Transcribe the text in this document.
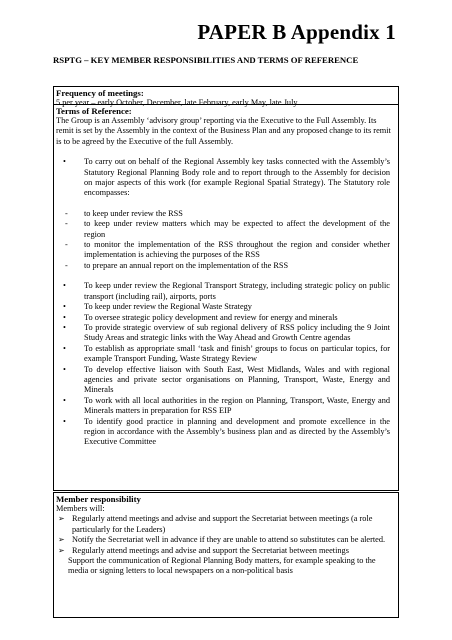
PAPER B Appendix 1
RSPTG – KEY MEMBER RESPONSIBILITIES AND TERMS OF REFERENCE
Frequency of meetings:
5 per year – early October, December, late February, early May, late July
Terms of Reference:

The Group is an Assembly ‘advisory group’ reporting via the Executive to the Full Assembly. Its remit is set by the Assembly in the context of the Business Plan and any proposed change to its remit is to be agreed by the Executive of the full Assembly.

• To carry out on behalf of the Regional Assembly key tasks connected with the Assembly’s Statutory Regional Planning Body role and to report through to the Assembly for decision on major aspects of this work (for example Regional Spatial Strategy). The Statutory role encompasses:
- to keep under review the RSS
- to keep under review matters which may be expected to affect the development of the region
- to monitor the implementation of the RSS throughout the region and consider whether implementation is achieving the purposes of the RSS
- to prepare an annual report on the implementation of the RSS
• To keep under review the Regional Transport Strategy, including strategic policy on public transport (including rail), airports, ports
• To keep under review the Regional Waste Strategy
• To oversee strategic policy development and review for energy and minerals
• To provide strategic overview of sub regional delivery of RSS policy including the 9 Joint Study Areas and strategic links with the Way Ahead and Growth Centre agendas
• To establish as appropriate small ‘task and finish’ groups to focus on particular topics, for example Transport Funding, Waste Strategy Review
• To develop effective liaison with South East, West Midlands, Wales and with regional agencies and private sector organisations on Planning, Transport, Waste, Energy and Minerals
• To work with all local authorities in the region on Planning, Transport, Waste, Energy and Minerals matters in preparation for RSS EIP
• To identify good practice in planning and development and promote excellence in the region in accordance with the Assembly’s business plan and as directed by the Assembly’s Executive Committee
Member responsibility
Members will:
➢ Regularly attend meetings and advise and support the Secretariat between meetings (a role particularly for the Leaders)
➢ Notify the Secretariat well in advance if they are unable to attend so substitutes can be alerted.
➢ Regularly attend meetings and advise and support the Secretariat between meetings
Support the communication of Regional Planning Body matters, for example speaking to the media or signing letters to local newspapers on a non-political basis
